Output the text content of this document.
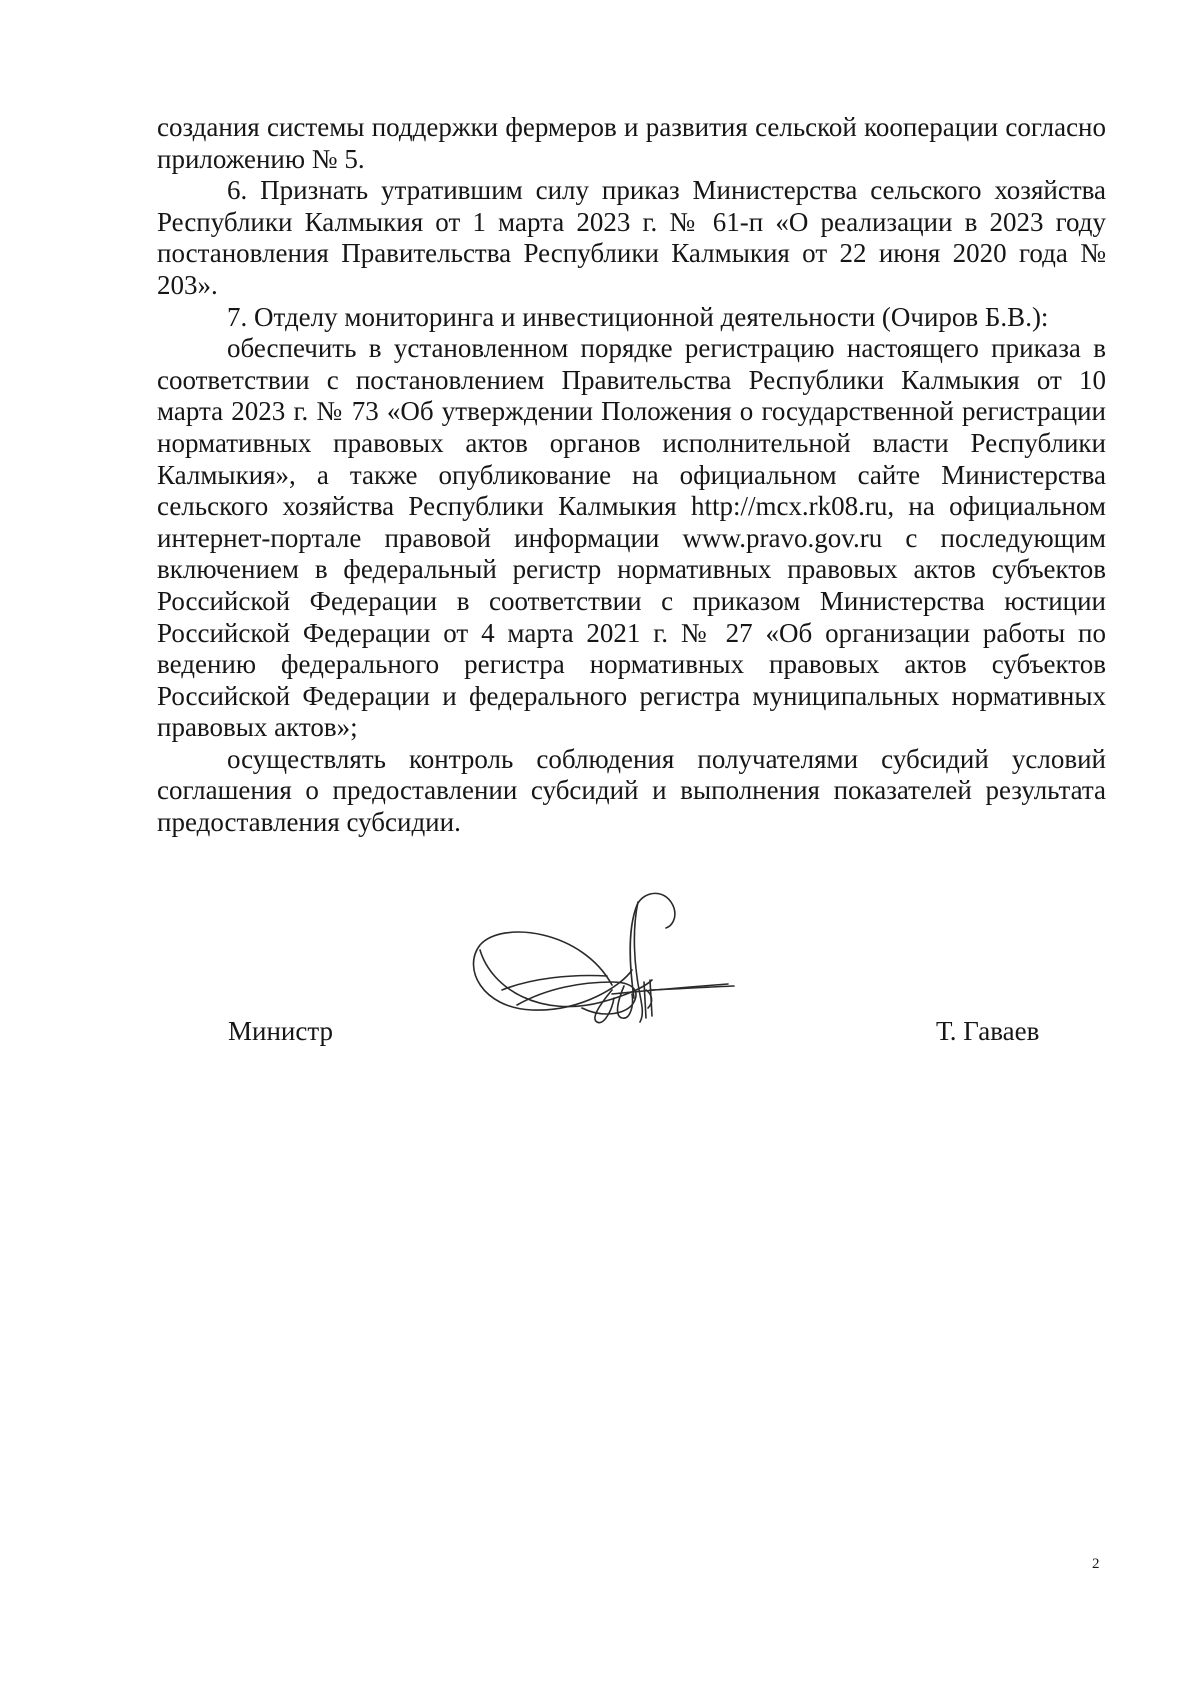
создания системы поддержки фермеров и развития сельской кооперации согласно приложению № 5.

6. Признать утратившим силу приказ Министерства сельского хозяйства Республики Калмыкия от 1 марта 2023 г. № 61-п «О реализации в 2023 году постановления Правительства Республики Калмыкия от 22 июня 2020 года № 203».

7. Отделу мониторинга и инвестиционной деятельности (Очиров Б.В.):

обеспечить в установленном порядке регистрацию настоящего приказа в соответствии с постановлением Правительства Республики Калмыкия от 10 марта 2023 г. № 73 «Об утверждении Положения о государственной регистрации нормативных правовых актов органов исполнительной власти Республики Калмыкия», а также опубликование на официальном сайте Министерства сельского хозяйства Республики Калмыкия http://mcx.rk08.ru, на официальном интернет-портале правовой информации www.pravo.gov.ru с последующим включением в федеральный регистр нормативных правовых актов субъектов Российской Федерации в соответствии с приказом Министерства юстиции Российской Федерации от 4 марта 2021 г. № 27 «Об организации работы по ведению федерального регистра нормативных правовых актов субъектов Российской Федерации и федерального регистра муниципальных нормативных правовых актов»;

осуществлять контроль соблюдения получателями субсидий условий соглашения о предоставлении субсидий и выполнения показателей результата предоставления субсидии.

Министр	Т. Гаваев
2
